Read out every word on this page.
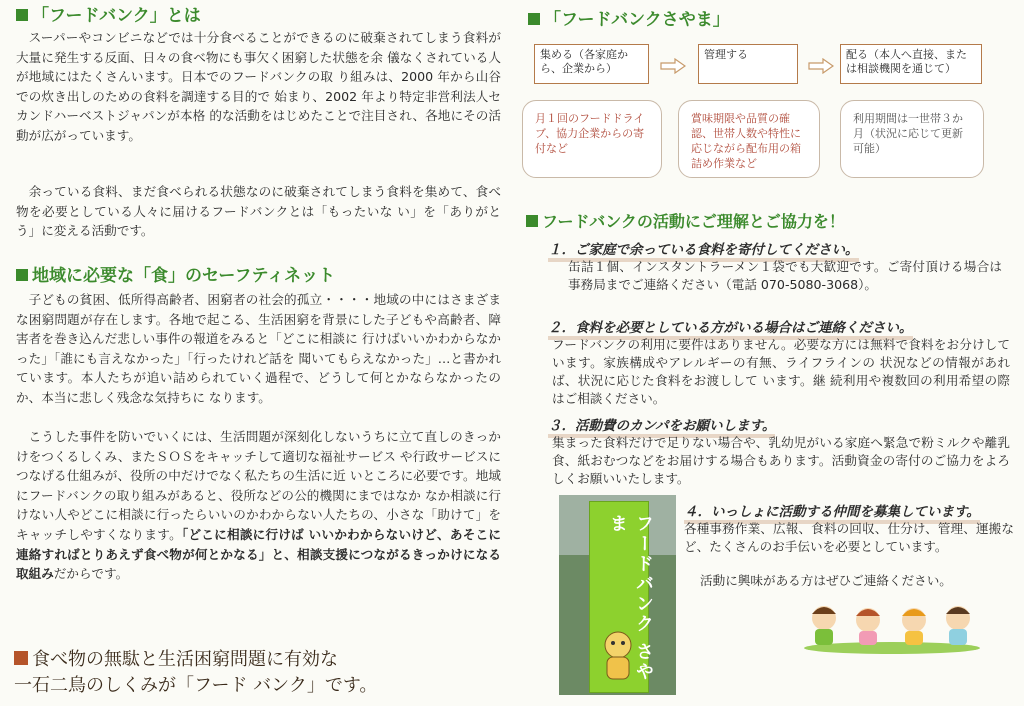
「フードバンク」とは

スーパーやコンビニなどでは十分食べることができるのに破棄されてしまう食料が大量に発生する反面、日々の食べ物にも事欠く困窮した状態を余 儀なくされている人が地域にはたくさんいます。日本でのフードバンクの取 り組みは、2000 年から山谷での炊き出しのための食料を調達する目的で 始まり、2002 年より特定非営利法人セカンドハーベストジャパンが本格 的な活動をはじめたことで注目され、各地にその活動が広がっています。

余っている食料、まだ食べられる状態なのに破棄されてしまう食料を集めて、食べ物を必要としている人々に届けるフードバンクとは「もったいな い」を「ありがとう」に変える活動です。

地域に必要な「食」のセーフティネット

子どもの貧困、低所得高齢者、困窮者の社会的孤立・・・・地域の中にはさまざまな困窮問題が存在します。各地で起こる、生活困窮を背景にした子どもや高齢者、障害者を巻き込んだ悲しい事件の報道をみると「どこに相談に 行けばいいかわからなかった」「誰にも言えなかった」「行ったけれど話を 聞いてもらえなかった」…と書かれています。本人たちが追い詰められていく過程で、どうして何とかならなかったのか、本当に悲しく残念な気持ちに なります。

こうした事件を防いでいくには、生活問題が深刻化しないうちに立て直しのきっかけをつくるしくみ、またＳＯＳをキャッチして適切な福祉サービス や行政サービスにつなげる仕組みが、役所の中だけでなく私たちの生活に近 いところに必要です。地域にフードバンクの取り組みがあると、役所などの公的機関にまではなか なか相談に行けない人やどこに相談に行ったらいいのかわからない人たちの、小さな「助けて」をキャッチしやすくなります。「どこに相談に行けば いいかわからないけど、あそこに連絡すればとりあえず食べ物が何とかなる」と、相談支援につながるきっかけになる取組みだからです。

食べ物の無駄と生活困窮問題に有効な
一石二鳥のしくみが「フード バンク」です。
「フードバンクさやま」
集める（各家庭から、企業から）
管理する	配る（本人へ直接、または相談機関を通じて）
月１回のフードドライブ、協力企業からの寄付など
賞味期限や品質の確認、世帯人数や特性に応じながら配布用の箱詰め作業など
利用期間は一世帯３か月（状況に応じて更新可能）
フードバンクの活動にご理解とご協力を！
１．ご家庭で余っている食料を寄付してください。
缶詰１個、インスタントラーメン１袋でも大歓迎です。ご寄付頂ける場合は事務局までご連絡ください（電話 070-5080-3068）。
２．食料を必要としている方がいる場合はご連絡ください。
フードバンクの利用に要件はありません。必要な方には無料で食料をお分けしています。家族構成やアレルギーの有無、ライフラインの 状況などの情報があれば、状況に応じた食料をお渡しして います。継 続利用や複数回の利用希望の際はご相談ください。
３．活動費のカンパをお願いします。
集まった食料だけで足りない場合や、乳幼児がいる家庭へ緊急で粉ミルクや離乳食、紙おむつなどをお届けする場合もあります。活動資金の寄付のご協力をよろしくお願いいたします。
４．いっしょに活動する仲間を募集しています。
各種事務作業、広報、食料の回収、仕分け、管理、運搬など、たくさんのお手伝いを必要としています。
活動に興味がある方はぜひご連絡ください。
フードバンク さやま
